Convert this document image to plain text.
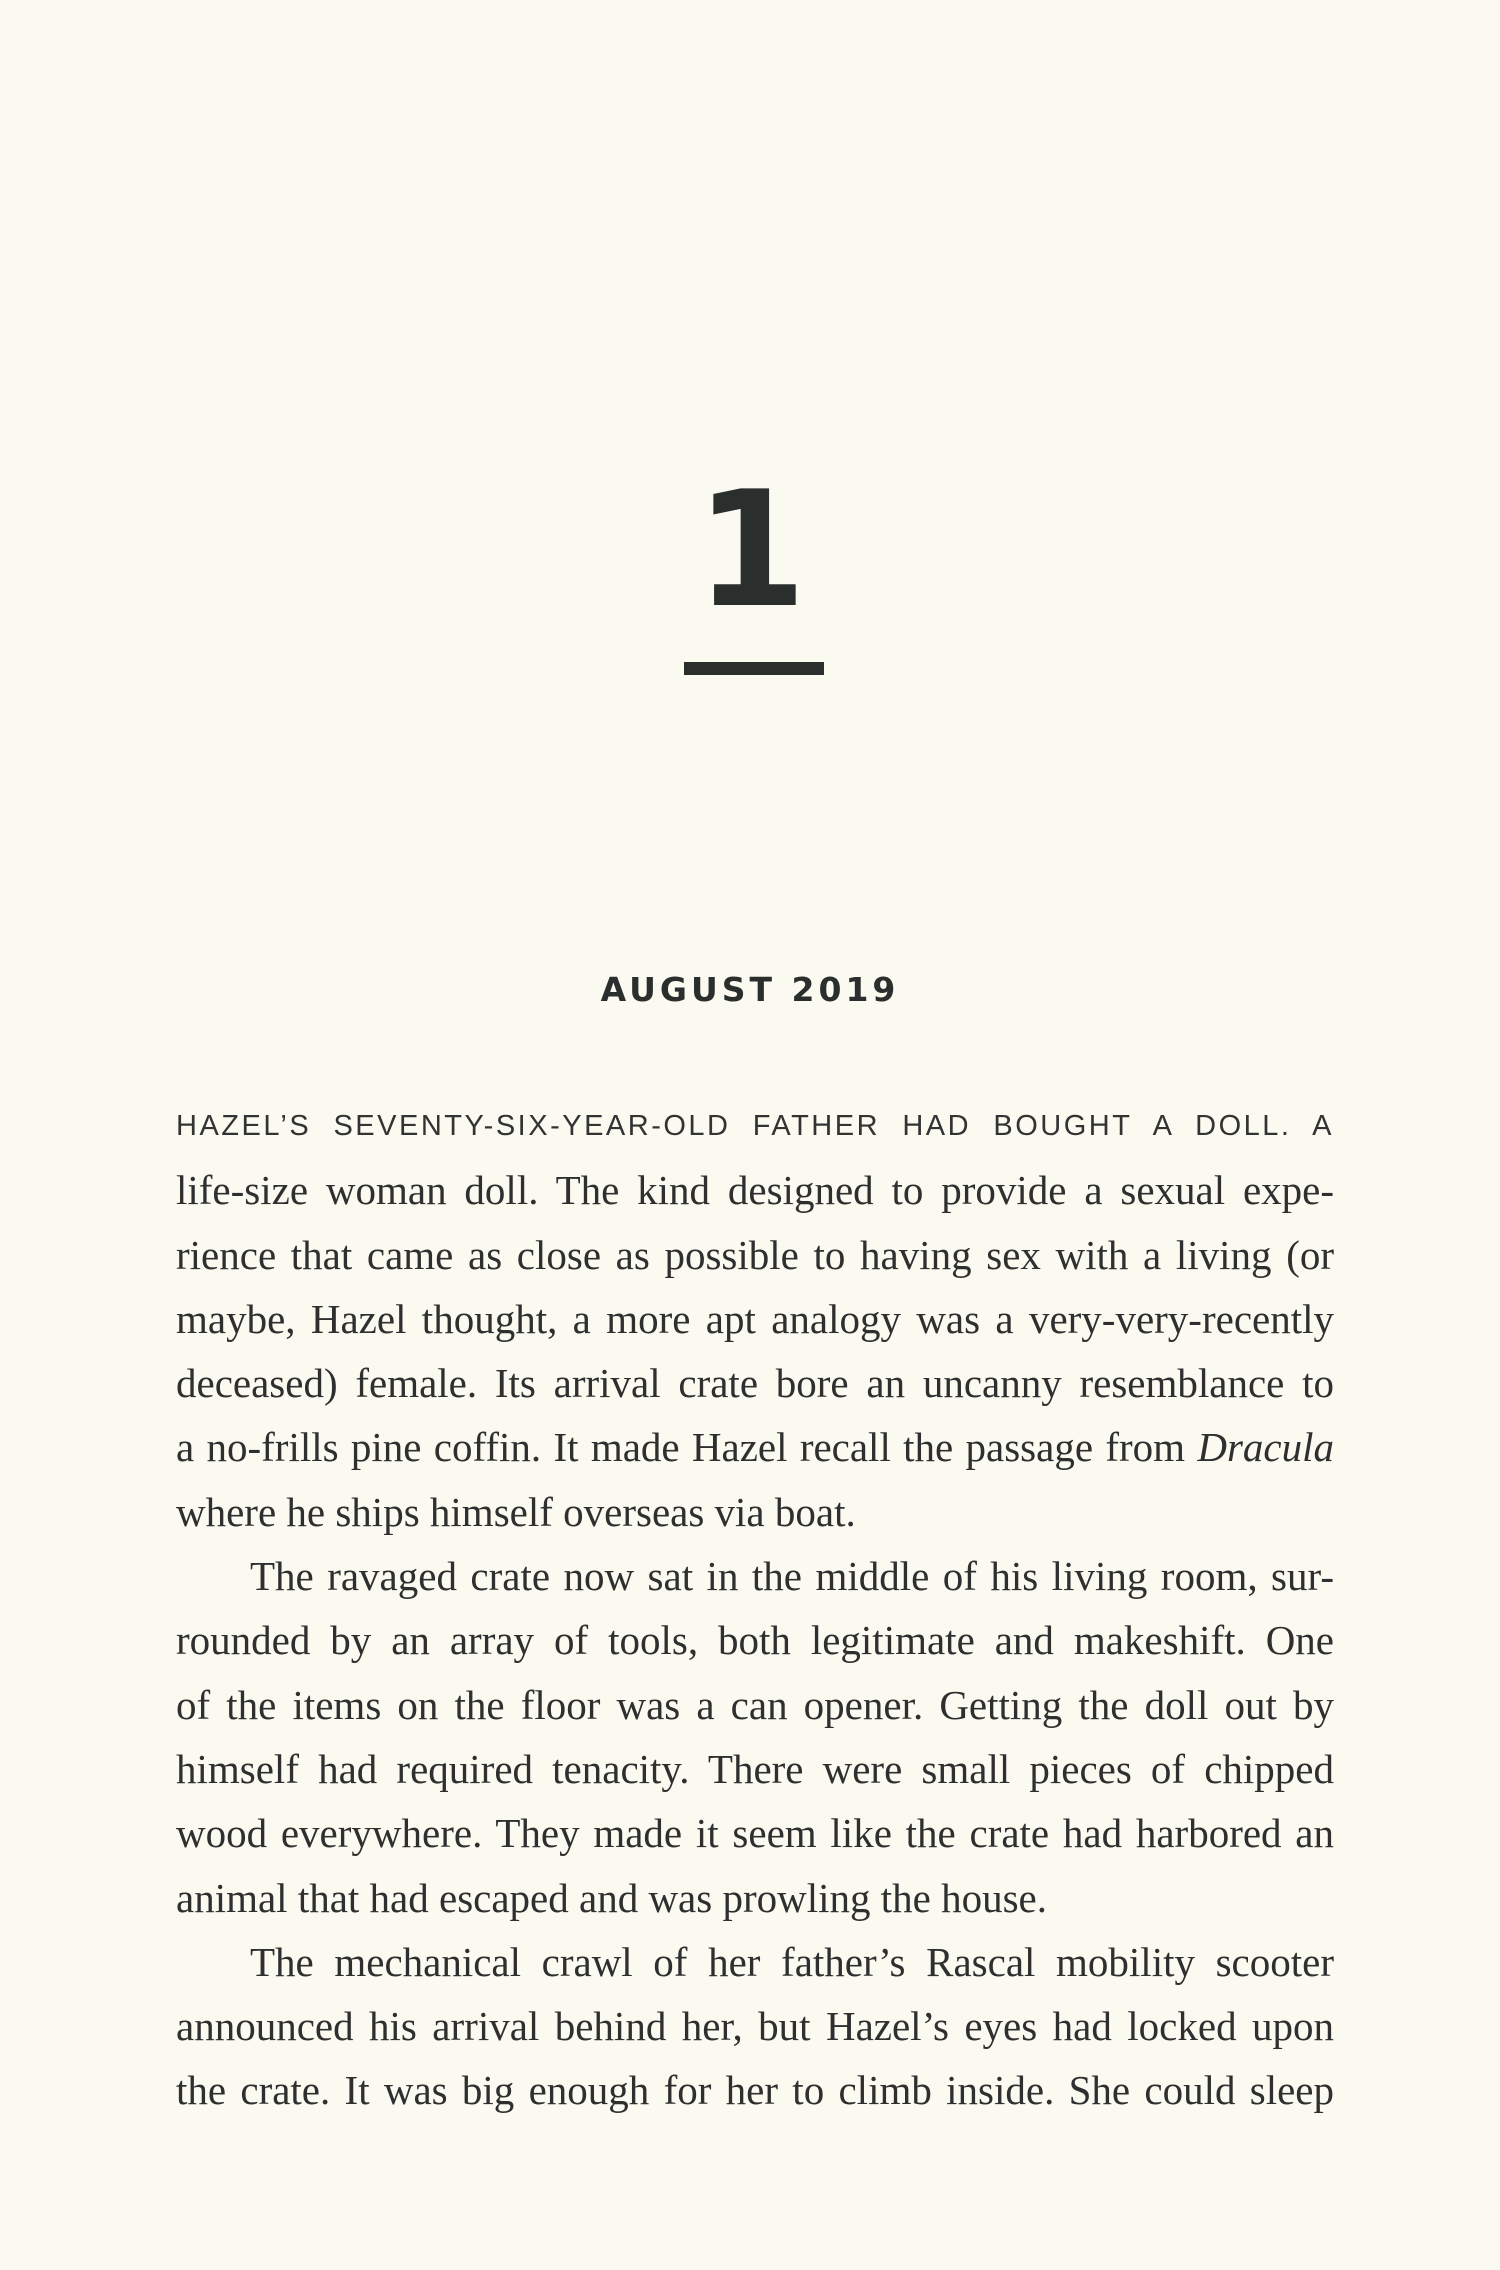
1
AUGUST 2019

HAZEL’S SEVENTY-SIX-YEAR-OLD FATHER HAD BOUGHT A DOLL. A
life-size woman doll. The kind designed to provide a sexual expe-
rience that came as close as possible to having sex with a living (or
maybe, Hazel thought, a more apt analogy was a very-very-recently
deceased) female. Its arrival crate bore an uncanny resemblance to
a no-frills pine coffin. It made Hazel recall the passage from Dracula
where he ships himself overseas via boat.

The ravaged crate now sat in the middle of his living room, sur-
rounded by an array of tools, both legitimate and makeshift. One
of the items on the floor was a can opener. Getting the doll out by
himself had required tenacity. There were small pieces of chipped
wood everywhere. They made it seem like the crate had harbored an
animal that had escaped and was prowling the house.

The mechanical crawl of her father’s Rascal mobility scooter
announced his arrival behind her, but Hazel’s eyes had locked upon
the crate. It was big enough for her to climb inside. She could sleep
